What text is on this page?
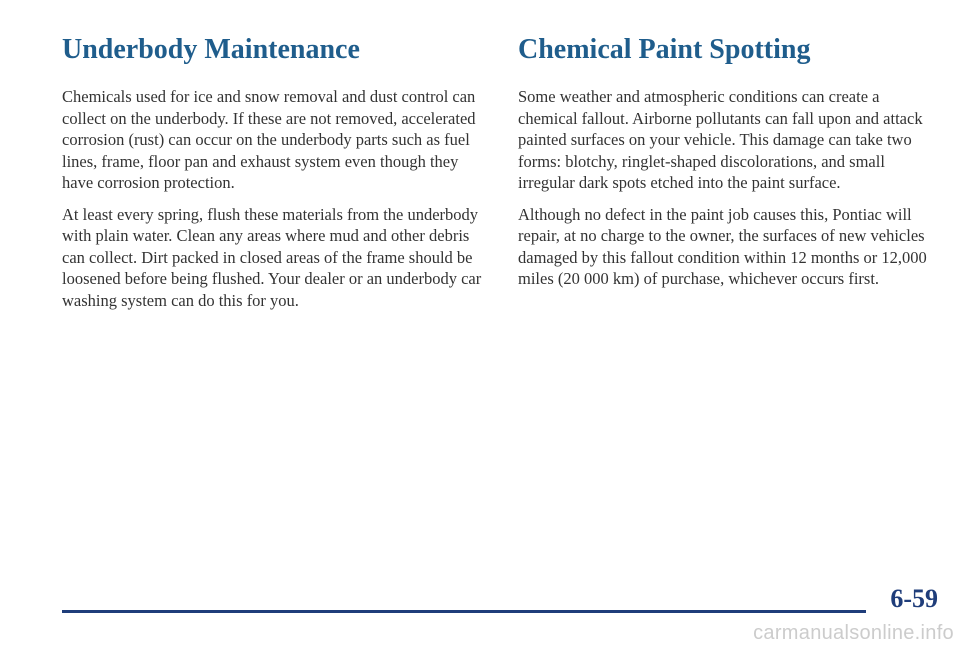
Underbody Maintenance

Chemicals used for ice and snow removal and dust control can collect on the underbody. If these are not removed, accelerated corrosion (rust) can occur on the underbody parts such as fuel lines, frame, floor pan and exhaust system even though they have corrosion protection.

At least every spring, flush these materials from the underbody with plain water. Clean any areas where mud and other debris can collect. Dirt packed in closed areas of the frame should be loosened before being flushed. Your dealer or an underbody car washing system can do this for you.

Chemical Paint Spotting

Some weather and atmospheric conditions can create a chemical fallout. Airborne pollutants can fall upon and attack painted surfaces on your vehicle. This damage can take two forms: blotchy, ringlet-shaped discolorations, and small irregular dark spots etched into the paint surface.

Although no defect in the paint job causes this, Pontiac will repair, at no charge to the owner, the surfaces of new vehicles damaged by this fallout condition within 12 months or 12,000 miles (20 000 km) of purchase, whichever occurs first.

6-59

carmanualsonline.info
